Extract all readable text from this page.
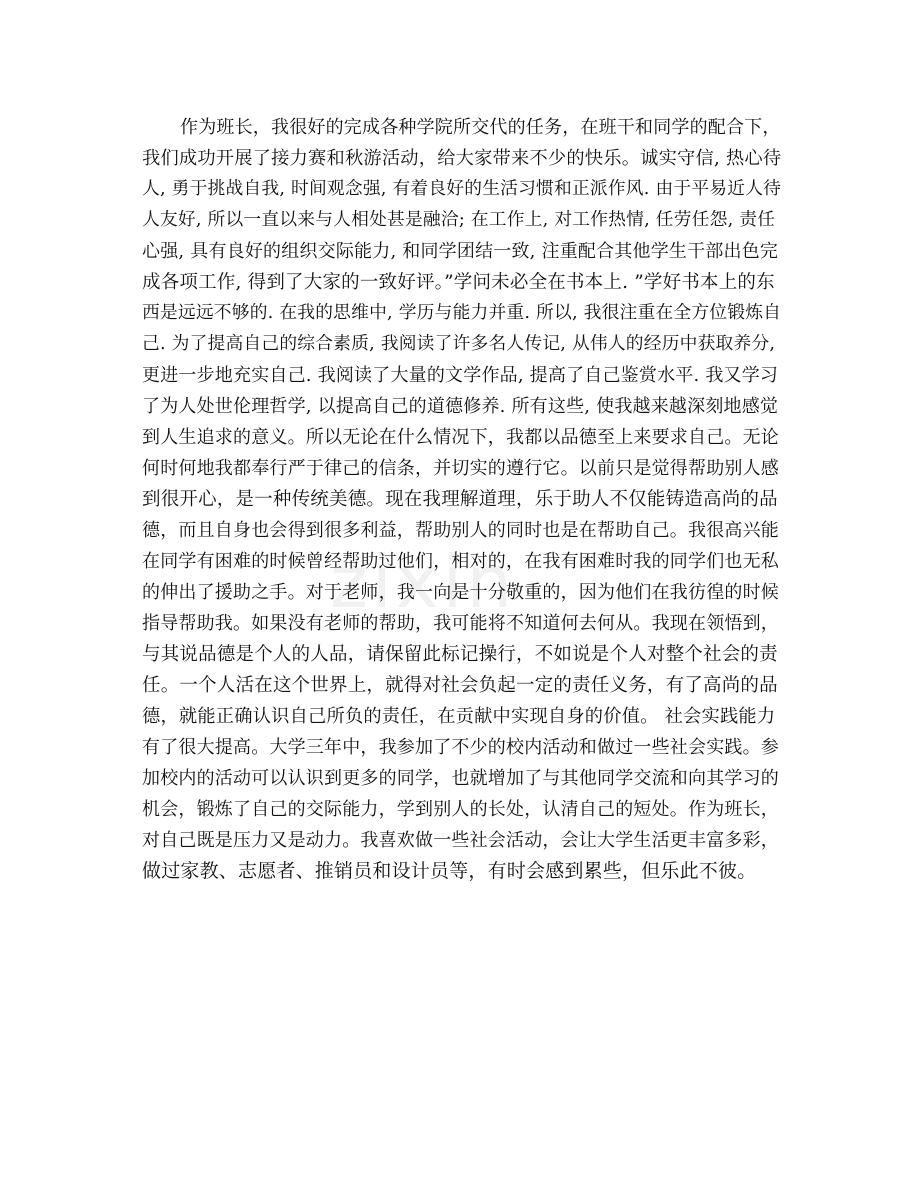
zixin

作为班长，我很好的完成各种学院所交代的任务，在班干和同学的配合下，

我们成功开展了接力赛和秋游活动，给大家带来不少的快乐。诚实守信, 热心待

人, 勇于挑战自我, 时间观念强, 有着良好的生活习惯和正派作风. 由于平易近人待

人友好, 所以一直以来与人相处甚是融洽; 在工作上, 对工作热情, 任劳任怨, 责任

心强, 具有良好的组织交际能力, 和同学团结一致, 注重配合其他学生干部出色完

成各项工作, 得到了大家的一致好评。”学问未必全在书本上. ”学好书本上的东

西是远远不够的. 在我的思维中, 学历与能力并重. 所以, 我很注重在全方位锻炼自

己. 为了提高自己的综合素质, 我阅读了许多名人传记, 从伟人的经历中获取养分,

更进一步地充实自己. 我阅读了大量的文学作品, 提高了自己鉴赏水平. 我又学习

了为人处世伦理哲学, 以提高自己的道德修养. 所有这些, 使我越来越深刻地感觉

到人生追求的意义。所以无论在什么情况下，我都以品德至上来要求自己。无论

何时何地我都奉行严于律己的信条，并切实的遵行它。以前只是觉得帮助别人感

到很开心，是一种传统美德。现在我理解道理，乐于助人不仅能铸造高尚的品

德，而且自身也会得到很多利益，帮助别人的同时也是在帮助自己。我很高兴能

在同学有困难的时候曾经帮助过他们，相对的，在我有困难时我的同学们也无私

的伸出了援助之手。对于老师，我一向是十分敬重的，因为他们在我彷徨的时候

指导帮助我。如果没有老师的帮助，我可能将不知道何去何从。我现在领悟到，

与其说品德是个人的人品，请保留此标记操行，不如说是个人对整个社会的责

任。一个人活在这个世界上，就得对社会负起一定的责任义务，有了高尚的品

德，就能正确认识自己所负的责任，在贡献中实现自身的价值。 社会实践能力

有了很大提高。大学三年中，我参加了不少的校内活动和做过一些社会实践。参

加校内的活动可以认识到更多的同学，也就增加了与其他同学交流和向其学习的

机会，锻炼了自己的交际能力，学到别人的长处，认清自己的短处。作为班长，

对自己既是压力又是动力。我喜欢做一些社会活动，会让大学生活更丰富多彩，

做过家教、志愿者、推销员和设计员等，有时会感到累些，但乐此不彼。
